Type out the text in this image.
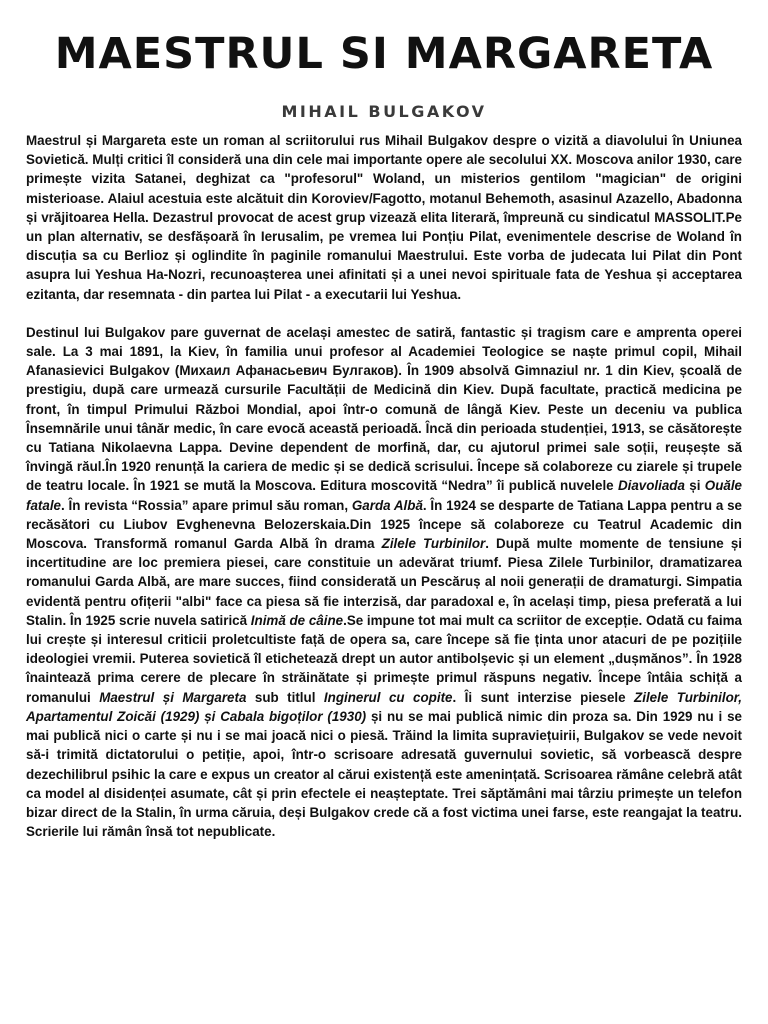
MAESTRUL SI MARGARETA
MIHAIL BULGAKOV

Maestrul și Margareta este un roman al scriitorului rus Mihail Bulgakov despre o vizită a diavolului în Uniunea Sovietică. Mulți critici îl consideră una din cele mai importante opere ale secolului XX. Moscova anilor 1930, care primește vizita Satanei, deghizat ca "profesorul" Woland, un misterios gentilom "magician" de origini misterioase. Alaiul acestuia este alcătuit din Koroviev/Fagotto, motanul Behemoth, asasinul Azazello, Abadonna și vrăjitoarea Hella. Dezastrul provocat de acest grup vizează elita literară, împreună cu sindicatul MASSOLIT.Pe un plan alternativ, se desfășoară în Ierusalim, pe vremea lui Ponțiu Pilat, evenimentele descrise de Woland în discuția sa cu Berlioz și oglindite în paginile romanului Maestrului. Este vorba de judecata lui Pilat din Pont asupra lui Yeshua Ha-Nozri, recunoașterea unei afinitati și a unei nevoi spirituale fata de Yeshua și acceptarea ezitanta, dar resemnata - din partea lui Pilat - a executarii lui Yeshua.

Destinul lui Bulgakov pare guvernat de același amestec de satiră, fantastic și tragism care e amprenta operei sale. La 3 mai 1891, la Kiev, în familia unui profesor al Academiei Teologice se naște primul copil, Mihail Afanasievici Bulgakov (Михаил Афанасьевич Булгаков). În 1909 absolvă Gimnaziul nr. 1 din Kiev, școală de prestigiu, după care urmează cursurile Facultății de Medicină din Kiev. După facultate, practică medicina pe front, în timpul Primului Război Mondial, apoi într-o comună de lângă Kiev. Peste un deceniu va publica Însemnările unui tânăr medic, în care evocă această perioadă. Încă din perioada studenției, 1913, se căsătorește cu Tatiana Nikolaevna Lappa. Devine dependent de morfină, dar, cu ajutorul primei sale soții, reușește să învingă răul.În 1920 renunță la cariera de medic și se dedică scrisului. Începe să colaboreze cu ziarele și trupele de teatru locale. În 1921 se mută la Moscova. Editura moscovită “Nedra” îi publică nuvelele Diavoliada și Ouăle fatale. În revista “Rossia” apare primul său roman, Garda Albă. În 1924 se desparte de Tatiana Lappa pentru a se recăsători cu Liubov Evghenevna Belozerskaia.Din 1925 începe să colaboreze cu Teatrul Academic din Moscova. Transformă romanul Garda Albă în drama Zilele Turbinilor. După multe momente de tensiune și incertitudine are loc premiera piesei, care constituie un adevărat triumf. Piesa Zilele Turbinilor, dramatizarea romanului Garda Albă, are mare succes, fiind considerată un Pescăruș al noii generații de dramaturgi. Simpatia evidentă pentru ofițerii "albi" face ca piesa să fie interzisă, dar paradoxal e, în același timp, piesa preferată a lui Stalin. În 1925 scrie nuvela satirică Inimă de câine.Se impune tot mai mult ca scriitor de excepție. Odată cu faima lui crește și interesul criticii proletcultiste față de opera sa, care începe să fie ținta unor atacuri de pe pozițiile ideologiei vremii. Puterea sovietică îl etichetează drept un autor antibolșevic și un element „dușmănos”. În 1928 înaintează prima cerere de plecare în străinătate și primește primul răspuns negativ. Începe întâia schiță a romanului Maestrul și Margareta sub titlul Inginerul cu copite. Îi sunt interzise piesele Zilele Turbinilor, Apartamentul Zoicăi (1929) și Cabala bigoților (1930) și nu se mai publică nimic din proza sa. Din 1929 nu i se mai publică nici o carte și nu i se mai joacă nici o piesă. Trăind la limita supraviețuirii, Bulgakov se vede nevoit să-i trimită dictatorului o petiție, apoi, într-o scrisoare adresată guvernului sovietic, să vorbească despre dezechilibrul psihic la care e expus un creator al cărui existență este amenințată. Scrisoarea rămâne celebră atât ca model al disidenței asumate, cât și prin efectele ei neașteptate. Trei săptămâni mai târziu primește un telefon bizar direct de la Stalin, în urma căruia, deși Bulgakov crede că a fost victima unei farse, este reangajat la teatru. Scrierile lui rămân însă tot nepublicate.
